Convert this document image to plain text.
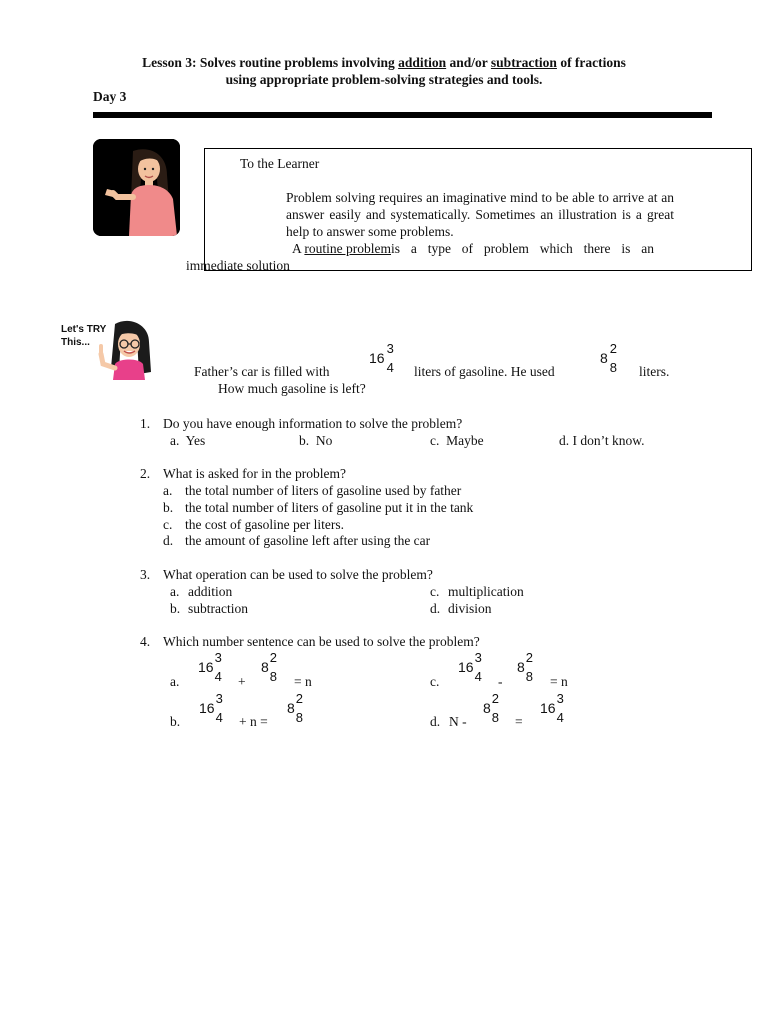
Lesson 3: Solves routine problems involving addition and/or subtraction of fractions
using appropriate problem-solving strategies and tools.
Day 3
To the Learner
Problem solving requires an imaginative mind to be able to arrive at an answer easily and systematically. Sometimes an illustration is a great help to answer some problems.
A routine problemis a type of problem which there is an
immediate solution
Let's TRY
This...
Father’s car is filled with
16
3
4 liters of gasoline. He used
8
2
8 liters.
How much gasoline is left?
1. Do you have enough information to solve the problem?
a. Yes	b. No	c. Maybe	d. I don’t know.
2. What is asked for in the problem?
a. the total number of liters of gasoline used by father
b. the total number of liters of gasoline put it in the tank
c. the cost of gasoline per liters.
d. the amount of gasoline left after using the car
3. What operation can be used to solve the problem?
a. addition
b. subtraction
c. multiplication
d. division
4. Which number sentence can be used to solve the problem?
a.
16
3
4 +
8
2
8 = n	c.
16
3
4 -
8
2
8 = n
b.
16
3
4 + n =
8
2
8	d. N -
8
2
8 =
16
3
4
